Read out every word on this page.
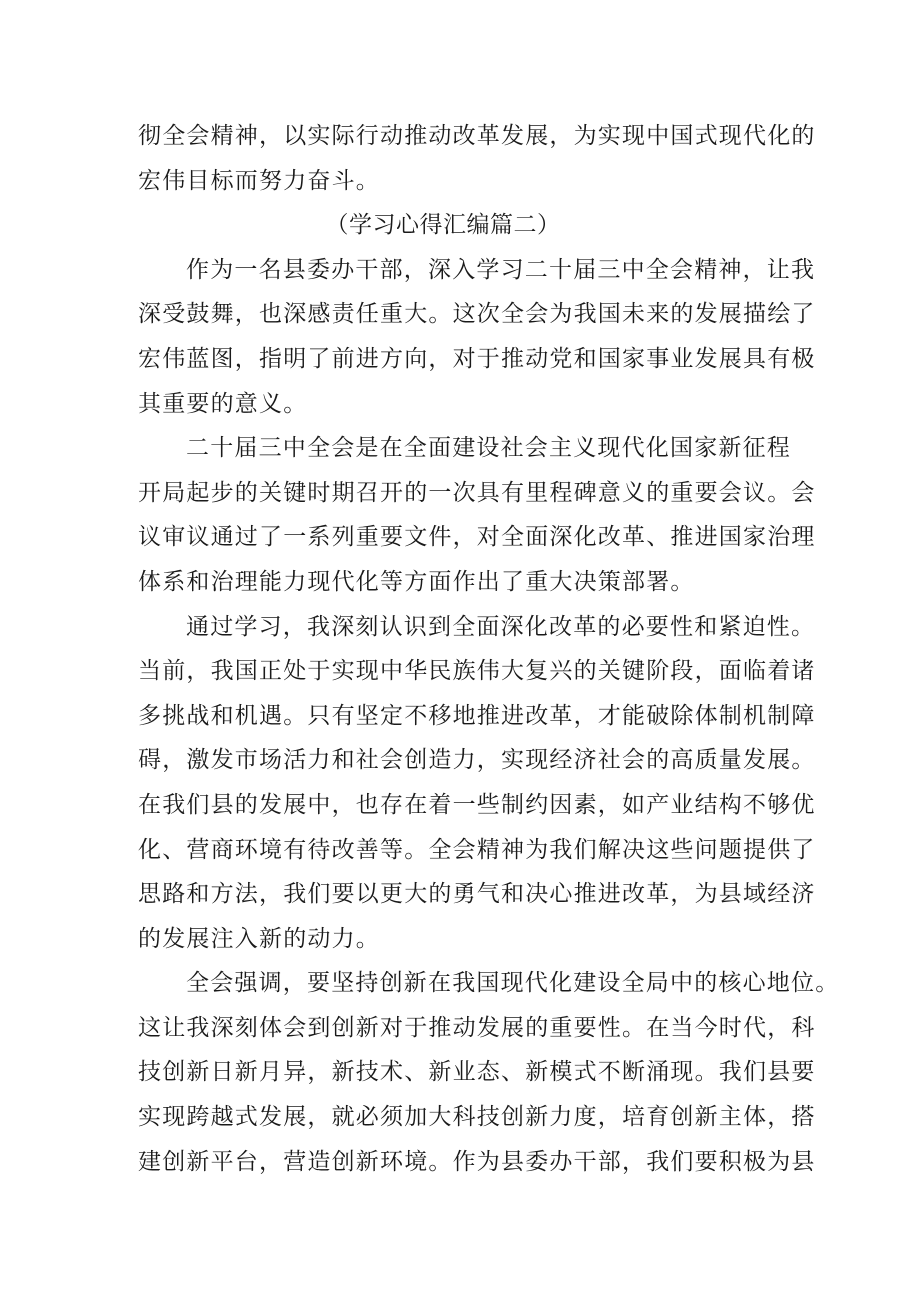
彻全会精神，以实际行动推动改革发展，为实现中国式现代化的
宏伟目标而努力奋斗。
（学习心得汇编篇二）
作为一名县委办干部，深入学习二十届三中全会精神，让我
深受鼓舞，也深感责任重大。这次全会为我国未来的发展描绘了
宏伟蓝图，指明了前进方向，对于推动党和国家事业发展具有极
其重要的意义。
二十届三中全会是在全面建设社会主义现代化国家新征程
开局起步的关键时期召开的一次具有里程碑意义的重要会议。会
议审议通过了一系列重要文件，对全面深化改革、推进国家治理
体系和治理能力现代化等方面作出了重大决策部署。
通过学习，我深刻认识到全面深化改革的必要性和紧迫性。
当前，我国正处于实现中华民族伟大复兴的关键阶段，面临着诸
多挑战和机遇。只有坚定不移地推进改革，才能破除体制机制障
碍，激发市场活力和社会创造力，实现经济社会的高质量发展。
在我们县的发展中，也存在着一些制约因素，如产业结构不够优
化、营商环境有待改善等。全会精神为我们解决这些问题提供了
思路和方法，我们要以更大的勇气和决心推进改革，为县域经济
的发展注入新的动力。
全会强调，要坚持创新在我国现代化建设全局中的核心地位。
这让我深刻体会到创新对于推动发展的重要性。在当今时代，科
技创新日新月异，新技术、新业态、新模式不断涌现。我们县要
实现跨越式发展，就必须加大科技创新力度，培育创新主体，搭
建创新平台，营造创新环境。作为县委办干部，我们要积极为县
